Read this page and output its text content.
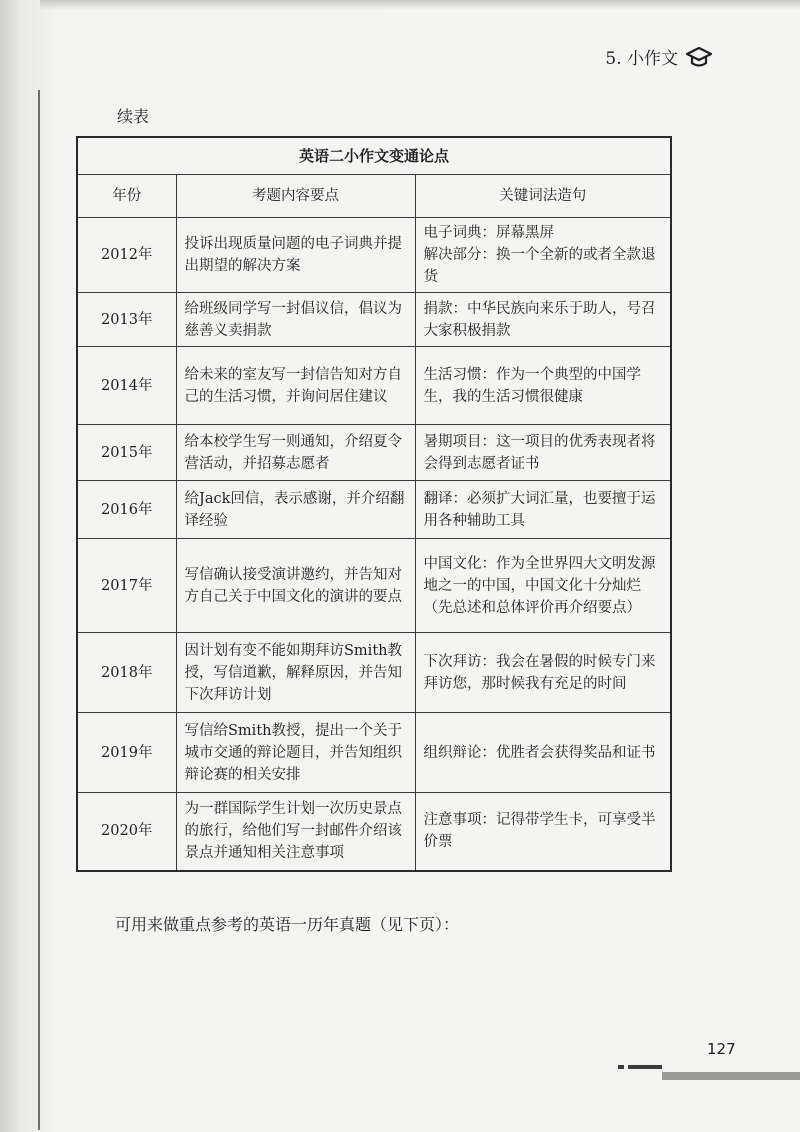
5. 小作文
续表
英语二小作文变通论点		
年份	考题内容要点	关键词法造句
2012年	投诉出现质量问题的电子词典并提出期望的解决方案	电子词典：屏幕黑屏
解决部分：换一个全新的或者全款退货
2013年	给班级同学写一封倡议信，倡议为慈善义卖捐款	捐款：中华民族向来乐于助人，号召大家积极捐款
2014年	给未来的室友写一封信告知对方自己的生活习惯，并询问居住建议	生活习惯：作为一个典型的中国学生，我的生活习惯很健康
2015年	给本校学生写一则通知，介绍夏令营活动，并招募志愿者	暑期项目：这一项目的优秀表现者将会得到志愿者证书
2016年	给Jack回信，表示感谢，并介绍翻译经验	翻译：必须扩大词汇量，也要擅于运用各种辅助工具
2017年	写信确认接受演讲邀约，并告知对方自己关于中国文化的演讲的要点	中国文化：作为全世界四大文明发源地之一的中国，中国文化十分灿烂（先总述和总体评价再介绍要点）
2018年	因计划有变不能如期拜访Smith教授，写信道歉，解释原因，并告知下次拜访计划	下次拜访：我会在暑假的时候专门来拜访您，那时候我有充足的时间
2019年	写信给Smith教授，提出一个关于城市交通的辩论题目，并告知组织辩论赛的相关安排	组织辩论：优胜者会获得奖品和证书
2020年	为一群国际学生计划一次历史景点的旅行，给他们写一封邮件介绍该景点并通知相关注意事项	注意事项：记得带学生卡，可享受半价票
可用来做重点参考的英语一历年真题（见下页）：
127
